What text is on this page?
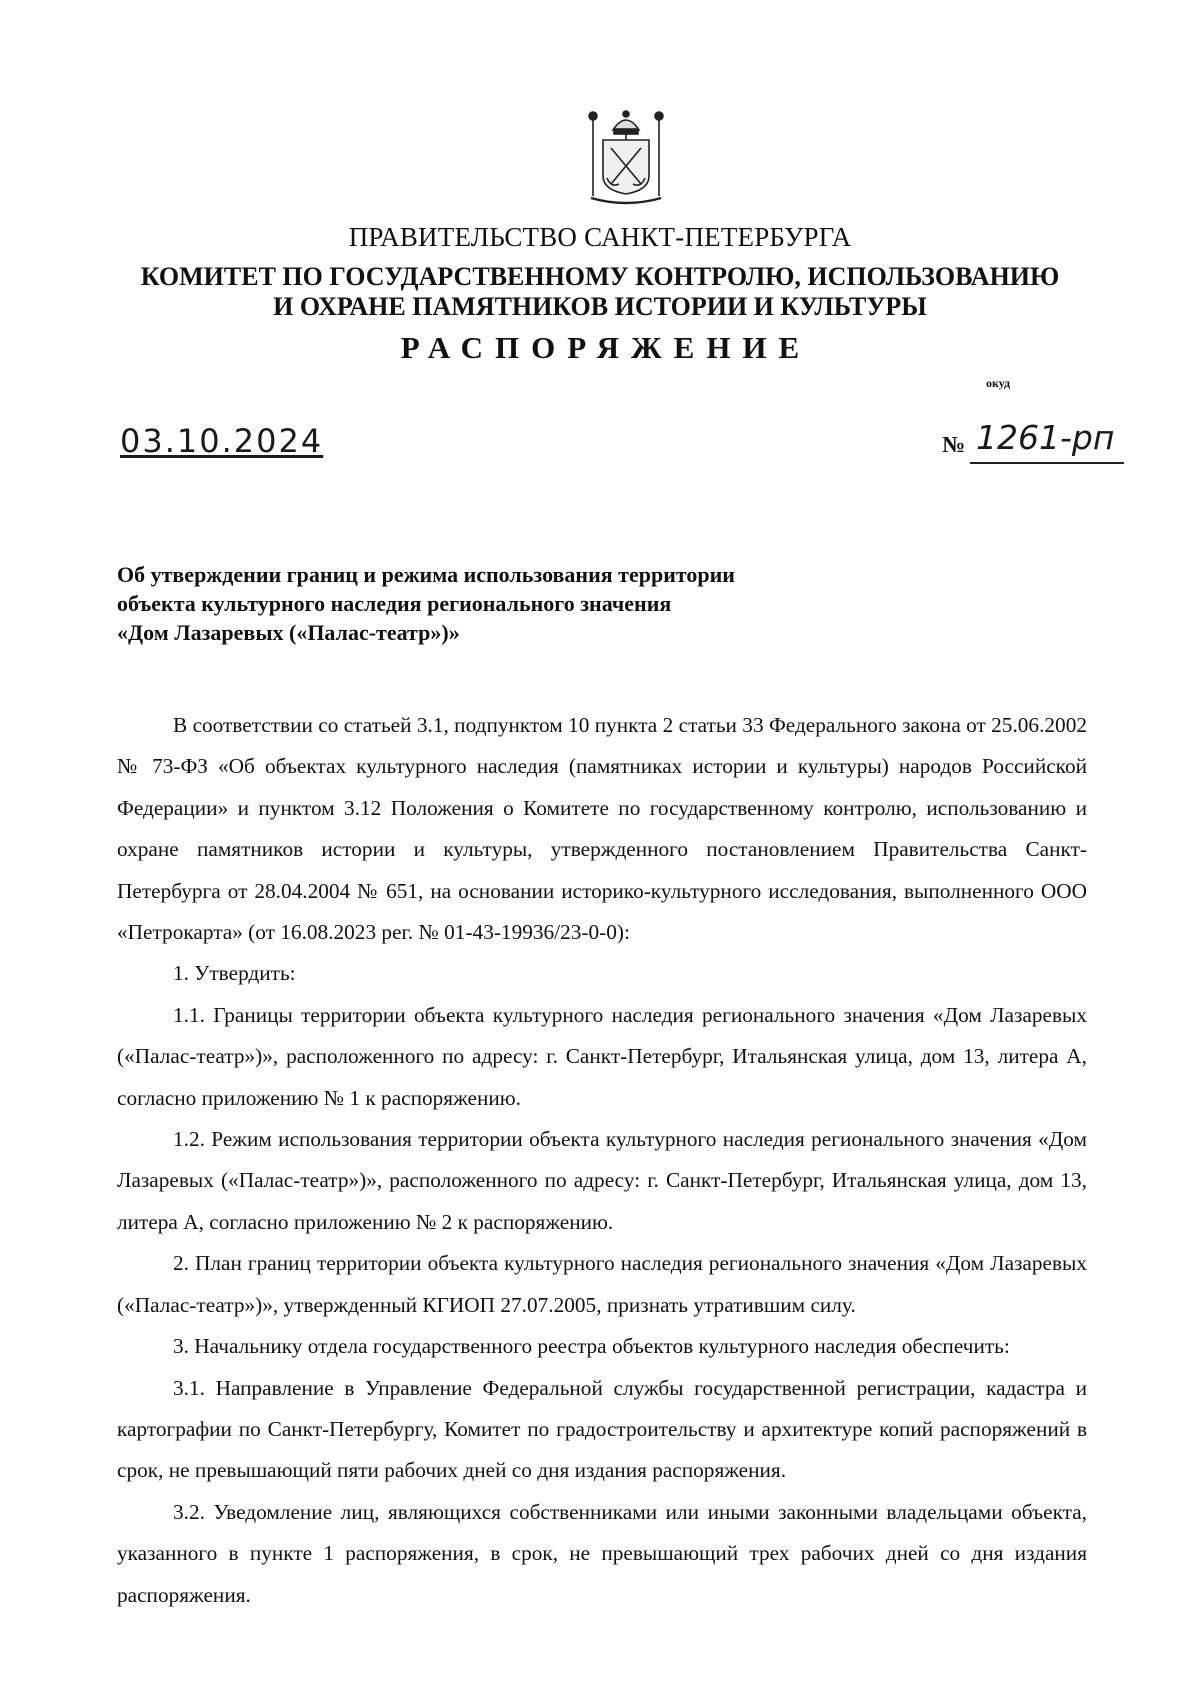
ПРАВИТЕЛЬСТВО САНКТ-ПЕТЕРБУРГА
КОМИТЕТ ПО ГОСУДАРСТВЕННОМУ КОНТРОЛЮ, ИСПОЛЬЗОВАНИЮ
И ОХРАНЕ ПАМЯТНИКОВ ИСТОРИИ И КУЛЬТУРЫ
РАСПОРЯЖЕНИЕ
окуд
03.10.2024	№ 1261-рп
Об утверждении границ и режима использования территории
объекта культурного наследия регионального значения
«Дом Лазаревых («Палас-театр»)»

В соответствии со статьей 3.1, подпунктом 10 пункта 2 статьи 33 Федерального закона от 25.06.2002 № 73-ФЗ «Об объектах культурного наследия (памятниках истории и культуры) народов Российской Федерации» и пунктом 3.12 Положения о Комитете по государственному контролю, использованию и охране памятников истории и культуры, утвержденного постановлением Правительства Санкт-Петербурга от 28.04.2004 № 651, на основании историко-культурного исследования, выполненного ООО «Петрокарта» (от 16.08.2023 рег. № 01-43-19936/23-0-0):

1. Утвердить:

1.1. Границы территории объекта культурного наследия регионального значения «Дом Лазаревых («Палас-театр»)», расположенного по адресу: г. Санкт-Петербург, Итальянская улица, дом 13, литера А, согласно приложению № 1 к распоряжению.

1.2. Режим использования территории объекта культурного наследия регионального значения «Дом Лазаревых («Палас-театр»)», расположенного по адресу: г. Санкт-Петербург, Итальянская улица, дом 13, литера А, согласно приложению № 2 к распоряжению.

2. План границ территории объекта культурного наследия регионального значения «Дом Лазаревых («Палас-театр»)», утвержденный КГИОП 27.07.2005, признать утратившим силу.

3. Начальнику отдела государственного реестра объектов культурного наследия обеспечить:

3.1. Направление в Управление Федеральной службы государственной регистрации, кадастра и картографии по Санкт-Петербургу, Комитет по градостроительству и архитектуре копий распоряжений в срок, не превышающий пяти рабочих дней со дня издания распоряжения.

3.2. Уведомление лиц, являющихся собственниками или иными законными владельцами объекта, указанного в пункте 1 распоряжения, в срок, не превышающий трех рабочих дней со дня издания распоряжения.
